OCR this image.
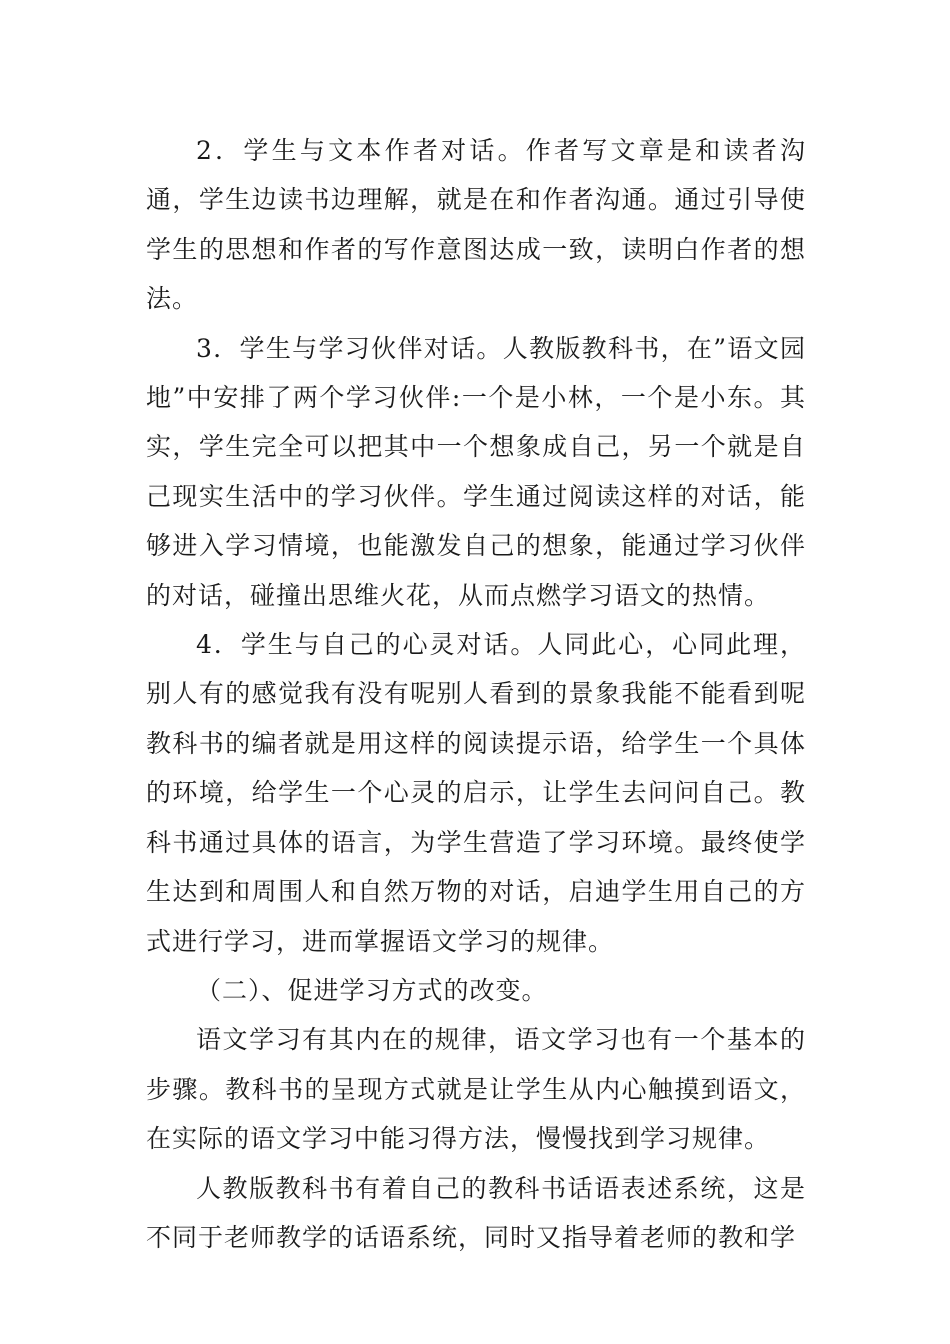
2．学生与文本作者对话。作者写文章是和读者沟通，学生边读书边理解，就是在和作者沟通。通过引导使学生的思想和作者的写作意图达成一致，读明白作者的想法。

3．学生与学习伙伴对话。人教版教科书，在”语文园地”中安排了两个学习伙伴:一个是小林，一个是小东。其实，学生完全可以把其中一个想象成自己，另一个就是自己现实生活中的学习伙伴。学生通过阅读这样的对话，能够进入学习情境，也能激发自己的想象，能通过学习伙伴的对话，碰撞出思维火花，从而点燃学习语文的热情。

4．学生与自己的心灵对话。人同此心，心同此理，别人有的感觉我有没有呢别人看到的景象我能不能看到呢教科书的编者就是用这样的阅读提示语，给学生一个具体的环境，给学生一个心灵的启示，让学生去问问自己。教科书通过具体的语言，为学生营造了学习环境。最终使学生达到和周围人和自然万物的对话，启迪学生用自己的方式进行学习，进而掌握语文学习的规律。

（二）、促进学习方式的改变。

语文学习有其内在的规律，语文学习也有一个基本的步骤。教科书的呈现方式就是让学生从内心触摸到语文，在实际的语文学习中能习得方法，慢慢找到学习规律。

人教版教科书有着自己的教科书话语表述系统，这是不同于老师教学的话语系统，同时又指导着老师的教和学
